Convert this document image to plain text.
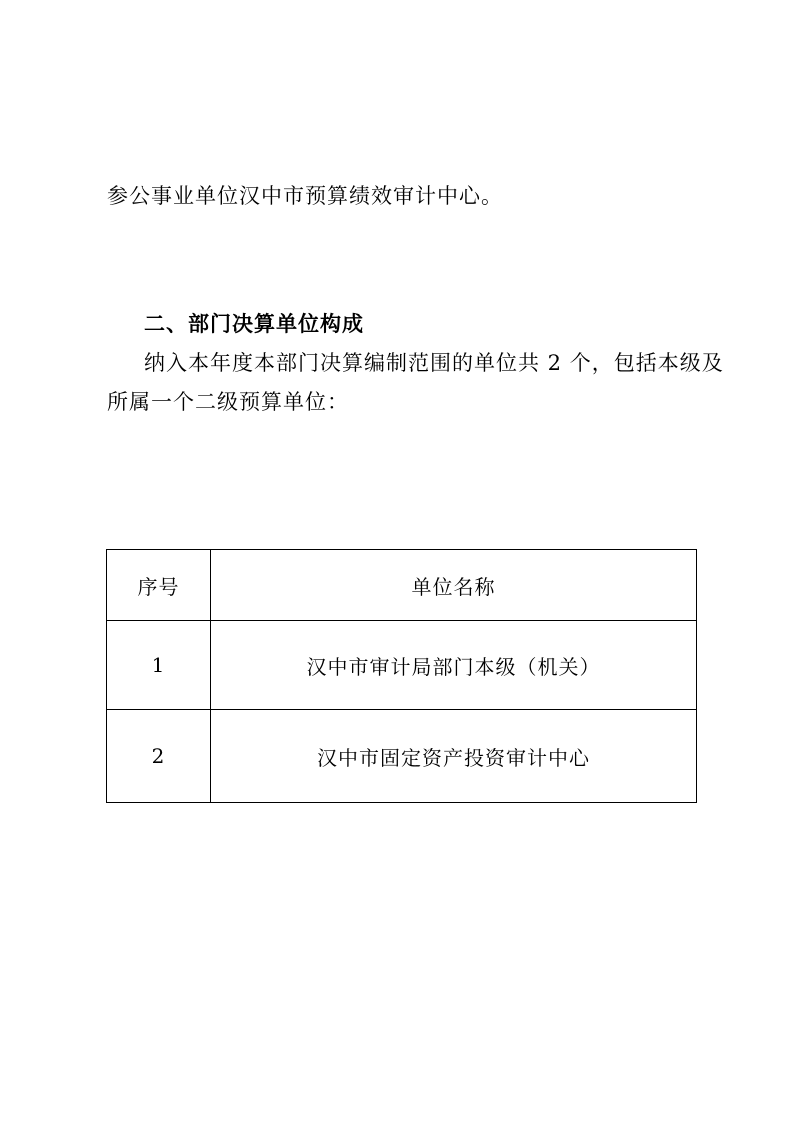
参公事业单位汉中市预算绩效审计中心。

二、部门决算单位构成

纳入本年度本部门决算编制范围的单位共 2 个，包括本级及

所属一个二级预算单位：

序号	单位名称
1	汉中市审计局部门本级（机关）
2	汉中市固定资产投资审计中心
